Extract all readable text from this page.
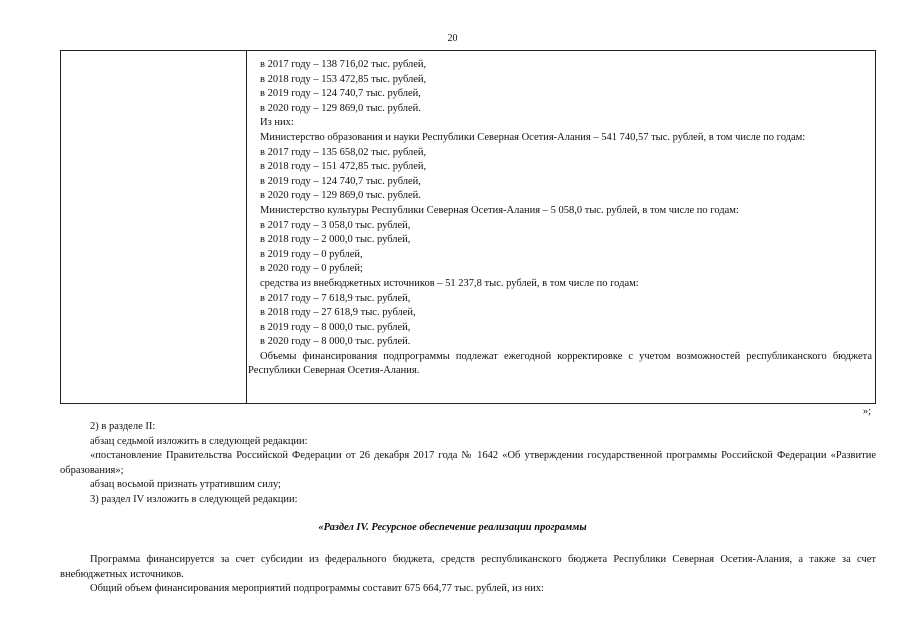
20
в 2017 году – 138 716,02 тыс. рублей,
в 2018 году – 153 472,85 тыс. рублей,
в 2019 году – 124 740,7 тыс. рублей,
в 2020 году – 129 869,0 тыс. рублей.
Из них:
Министерство образования и науки Республики Северная Осетия-Алания – 541 740,57 тыс. рублей, в том числе по годам:
в 2017 году – 135 658,02 тыс. рублей,
в 2018 году – 151 472,85 тыс. рублей,
в 2019 году – 124 740,7 тыс. рублей,
в 2020 году – 129 869,0 тыс. рублей.
Министерство культуры Республики Северная Осетия-Алания – 5 058,0 тыс. рублей, в том числе по годам:
в 2017 году – 3 058,0 тыс. рублей,
в 2018 году – 2 000,0 тыс. рублей,
в 2019 году – 0 рублей,
в 2020 году – 0 рублей;
средства из внебюджетных источников – 51 237,8 тыс. рублей, в том числе по годам:
в 2017 году – 7 618,9 тыс. рублей,
в 2018 году – 27 618,9 тыс. рублей,
в 2019 году – 8 000,0 тыс. рублей,
в 2020 году – 8 000,0 тыс. рублей.
Объемы финансирования подпрограммы подлежат ежегодной корректировке с учетом возможностей республиканского бюджета Республики Северная Осетия-Алания.
»;
2) в разделе II:
абзац седьмой изложить в следующей редакции:
«постановление Правительства Российской Федерации от 26 декабря 2017 года № 1642 «Об утверждении государственной программы Российской Федерации «Развитие образования»;
абзац восьмой признать утратившим силу;
3) раздел IV изложить в следующей редакции:
«Раздел IV. Ресурсное обеспечение реализации программы
Программа финансируется за счет субсидии из федерального бюджета, средств республиканского бюджета Республики Северная Осетия-Алания, а также за счет внебюджетных источников.
Общий объем финансирования мероприятий подпрограммы составит 675 664,77 тыс. рублей, из них:
